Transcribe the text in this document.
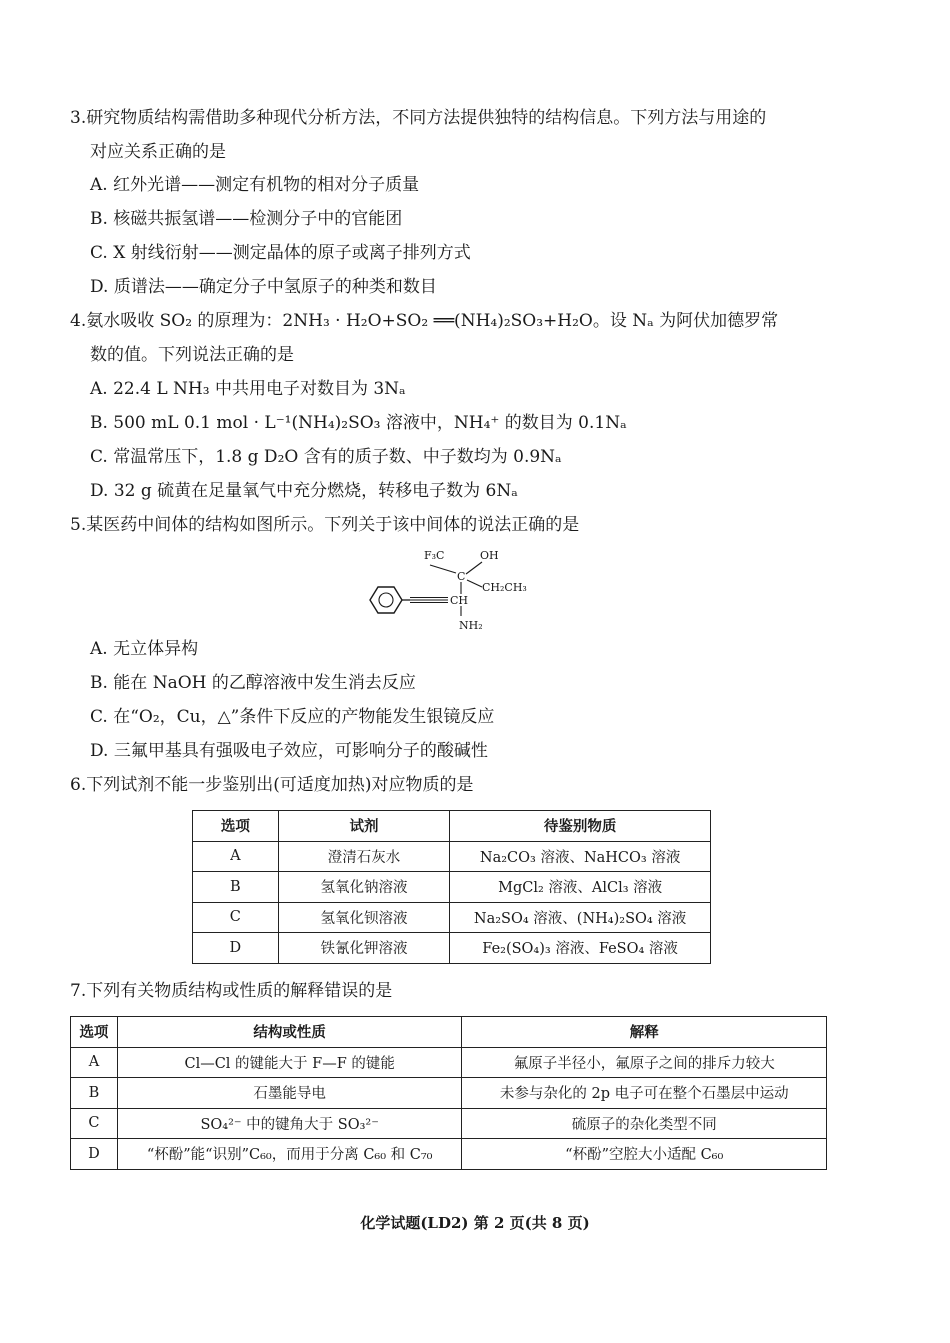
3.研究物质结构需借助多种现代分析方法，不同方法提供独特的结构信息。下列方法与用途的
对应关系正确的是
A. 红外光谱——测定有机物的相对分子质量
B. 核磁共振氢谱——检测分子中的官能团
C. X 射线衍射——测定晶体的原子或离子排列方式
D. 质谱法——确定分子中氢原子的种类和数目
4.氨水吸收 SO₂ 的原理为：2NH₃ · H₂O+SO₂ ══(NH₄)₂SO₃+H₂O。设 Nₐ 为阿伏加德罗常
数的值。下列说法正确的是
A. 22.4 L NH₃ 中共用电子对数目为 3Nₐ
B. 500 mL 0.1 mol · L⁻¹(NH₄)₂SO₃ 溶液中，NH₄⁺ 的数目为 0.1Nₐ
C. 常温常压下，1.8 g D₂O 含有的质子数、中子数均为 0.9Nₐ
D. 32 g 硫黄在足量氧气中充分燃烧，转移电子数为 6Nₐ
5.某医药中间体的结构如图所示。下列关于该中间体的说法正确的是
F₃C	OH
C
CH₂CH₃
CH
NH₂
A. 无立体异构
B. 能在 NaOH 的乙醇溶液中发生消去反应
C. 在“O₂，Cu，△”条件下反应的产物能发生银镜反应
D. 三氟甲基具有强吸电子效应，可影响分子的酸碱性
6.下列试剂不能一步鉴别出(可适度加热)对应物质的是
选项	试剂	待鉴别物质
A	澄清石灰水	Na₂CO₃ 溶液、NaHCO₃ 溶液
B	氢氧化钠溶液	MgCl₂ 溶液、AlCl₃ 溶液
C	氢氧化钡溶液	Na₂SO₄ 溶液、(NH₄)₂SO₄ 溶液
D	铁氰化钾溶液	Fe₂(SO₄)₃ 溶液、FeSO₄ 溶液
7.下列有关物质结构或性质的解释错误的是
选项	结构或性质	解释
A	Cl—Cl 的键能大于 F—F 的键能	氟原子半径小，氟原子之间的排斥力较大
B	石墨能导电	未参与杂化的 2p 电子可在整个石墨层中运动
C	SO₄²⁻ 中的键角大于 SO₃²⁻	硫原子的杂化类型不同
D	“杯酚”能“识别”C₆₀，而用于分离 C₆₀ 和 C₇₀	“杯酚”空腔大小适配 C₆₀
化学试题(LD2) 第 2 页(共 8 页)
